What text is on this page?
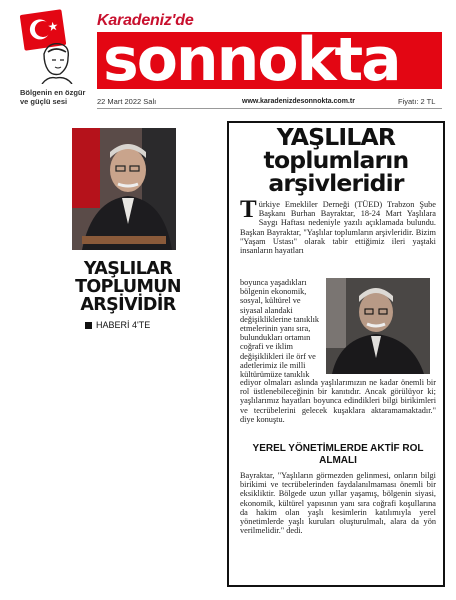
★
Bölgenin en özgür ve güçlü sesi
Karadeniz'de
sonnokta
22 Mart 2022 Salı	www.karadenizdesonnokta.com.tr	Fiyatı: 2 TL
YAŞLILAR TOPLUMUN ARŞİVİDİR
HABERİ 4'TE
YAŞLILAR toplumların arşivleridir
Türkiye Emekliler Derneği (TÜED) Trabzon Şube Başkanı Burhan Bayraktar, 18-24 Mart Yaşlılara Saygı Haftası nedeniyle yazılı açıklamada bulundu. Başkan Bayraktar, "Yaşlılar toplumların arşivleridir. Bizim "Yaşam Ustası" olarak tabir ettiğimiz ileri yaştaki insanların hayatları
boyunca yaşadıkları bölgenin ekonomik, sosyal, kültürel ve siyasal alandaki değişikliklerine tanıklık etmelerinin yanı sıra, bulundukları ortamın coğrafi ve iklim değişiklikleri ile örf ve adetlerimiz ile milli kültürümüze tanıklık
ediyor olmaları aslında yaşlılarımızın ne kadar önemli bir rol üstlenebileceğinin bir kanıtıdır. Ancak görülüyor ki; yaşlılarımız hayatları boyunca edindikleri bilgi birikimleri ve tecrübelerini gelecek kuşaklara aktaramamaktadır." diye konuştu.
YEREL YÖNETİMLERDE AKTİF ROL ALMALI
Bayraktar, "Yaşlıların görmezden gelinmesi, onların bilgi birikimi ve tecrübelerinden faydalanılmaması önemli bir eksikliktir. Bölgede uzun yıllar yaşamış, bölgenin siyasi, ekonomik, kültürel yapısının yanı sıra coğrafi koşullarına da hakim olan yaşlı kesimlerin katılımıyla yerel yönetimlerde yaşlı kuruları oluşturulmalı, alara da yön verilmelidir." dedi.
